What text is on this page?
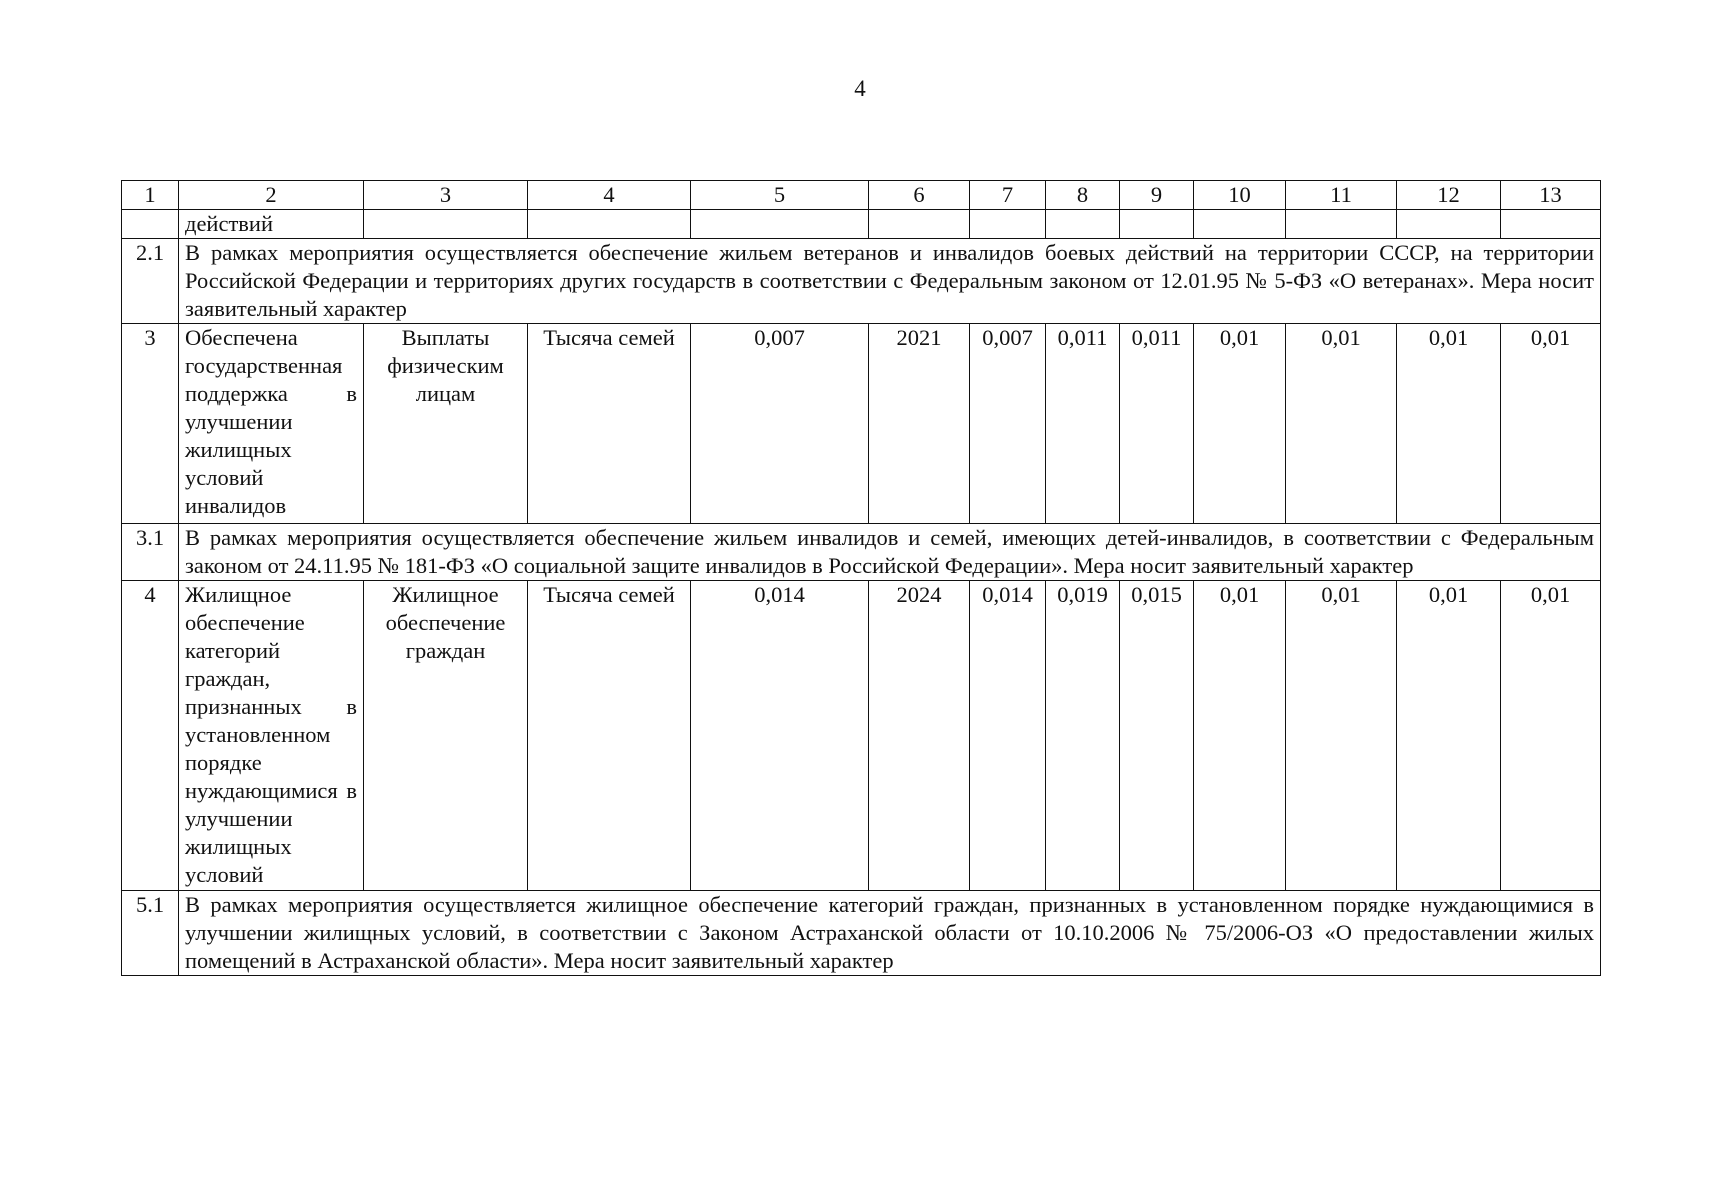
4
1	2	3	4	5	6	7	8	9	10	11	12	13
	действий											
2.1	В рамках мероприятия осуществляется обеспечение жильем ветеранов и инвалидов боевых действий на территории СССР, на территории Российской Федерации и территориях других государств в соответствии с Федеральным законом от 12.01.95 № 5-ФЗ «О ветеранах». Мера носит заявительный характер											
3	Обеспечена государственная поддержка в улучшении жилищных условий инвалидов	Выплаты физическим лицам	Тысяча семей	0,007	2021	0,007	0,011	0,011	0,01	0,01	0,01	0,01
3.1	В рамках мероприятия осуществляется обеспечение жильем инвалидов и семей, имеющих детей-инвалидов, в соответствии с Федеральным законом от 24.11.95 № 181-ФЗ «О социальной защите инвалидов в Российской Федерации». Мера носит заявительный характер											
4	Жилищное обеспечение категорий граждан, признанных в установленном порядке нуждающимися в улучшении жилищных условий	Жилищное обеспечение граждан	Тысяча семей	0,014	2024	0,014	0,019	0,015	0,01	0,01	0,01	0,01
5.1	В рамках мероприятия осуществляется жилищное обеспечение категорий граждан, признанных в установленном порядке нуждающимися в улучшении жилищных условий, в соответствии с Законом Астраханской области от 10.10.2006 № 75/2006-ОЗ «О предоставлении жилых помещений в Астраханской области». Мера носит заявительный характер											
